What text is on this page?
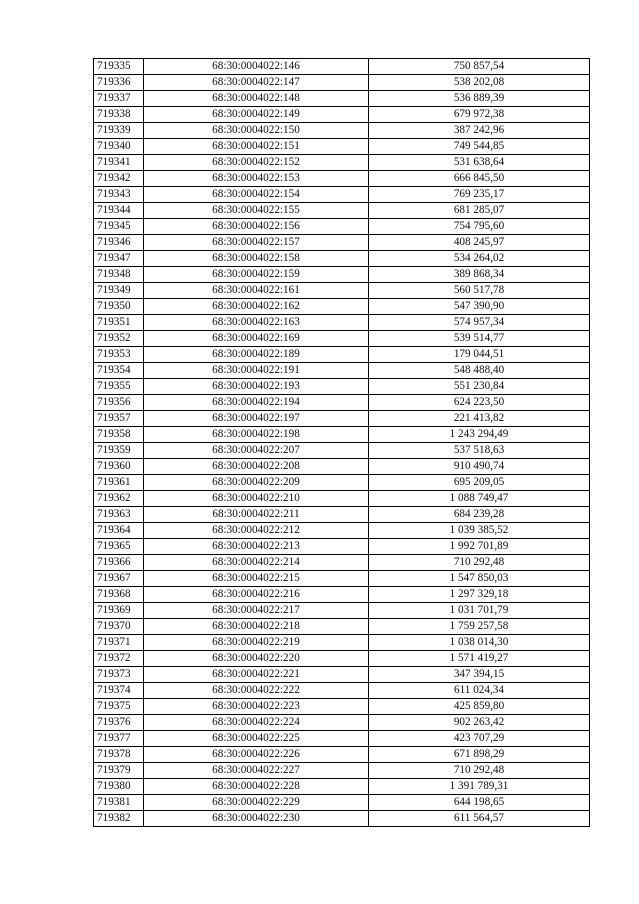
719335	68:30:0004022:146	750 857,54
719336	68:30:0004022:147	538 202,08
719337	68:30:0004022:148	536 889,39
719338	68:30:0004022:149	679 972,38
719339	68:30:0004022:150	387 242,96
719340	68:30:0004022:151	749 544,85
719341	68:30:0004022:152	531 638,64
719342	68:30:0004022:153	666 845,50
719343	68:30:0004022:154	769 235,17
719344	68:30:0004022:155	681 285,07
719345	68:30:0004022:156	754 795,60
719346	68:30:0004022:157	408 245,97
719347	68:30:0004022:158	534 264,02
719348	68:30:0004022:159	389 868,34
719349	68:30:0004022:161	560 517,78
719350	68:30:0004022:162	547 390,90
719351	68:30:0004022:163	574 957,34
719352	68:30:0004022:169	539 514,77
719353	68:30:0004022:189	179 044,51
719354	68:30:0004022:191	548 488,40
719355	68:30:0004022:193	551 230,84
719356	68:30:0004022:194	624 223,50
719357	68:30:0004022:197	221 413,82
719358	68:30:0004022:198	1 243 294,49
719359	68:30:0004022:207	537 518,63
719360	68:30:0004022:208	910 490,74
719361	68:30:0004022:209	695 209,05
719362	68:30:0004022:210	1 088 749,47
719363	68:30:0004022:211	684 239,28
719364	68:30:0004022:212	1 039 385,52
719365	68:30:0004022:213	1 992 701,89
719366	68:30:0004022:214	710 292,48
719367	68:30:0004022:215	1 547 850,03
719368	68:30:0004022:216	1 297 329,18
719369	68:30:0004022:217	1 031 701,79
719370	68:30:0004022:218	1 759 257,58
719371	68:30:0004022:219	1 038 014,30
719372	68:30:0004022:220	1 571 419,27
719373	68:30:0004022:221	347 394,15
719374	68:30:0004022:222	611 024,34
719375	68:30:0004022:223	425 859,80
719376	68:30:0004022:224	902 263,42
719377	68:30:0004022:225	423 707,29
719378	68:30:0004022:226	671 898,29
719379	68:30:0004022:227	710 292,48
719380	68:30:0004022:228	1 391 789,31
719381	68:30:0004022:229	644 198,65
719382	68:30:0004022:230	611 564,57
